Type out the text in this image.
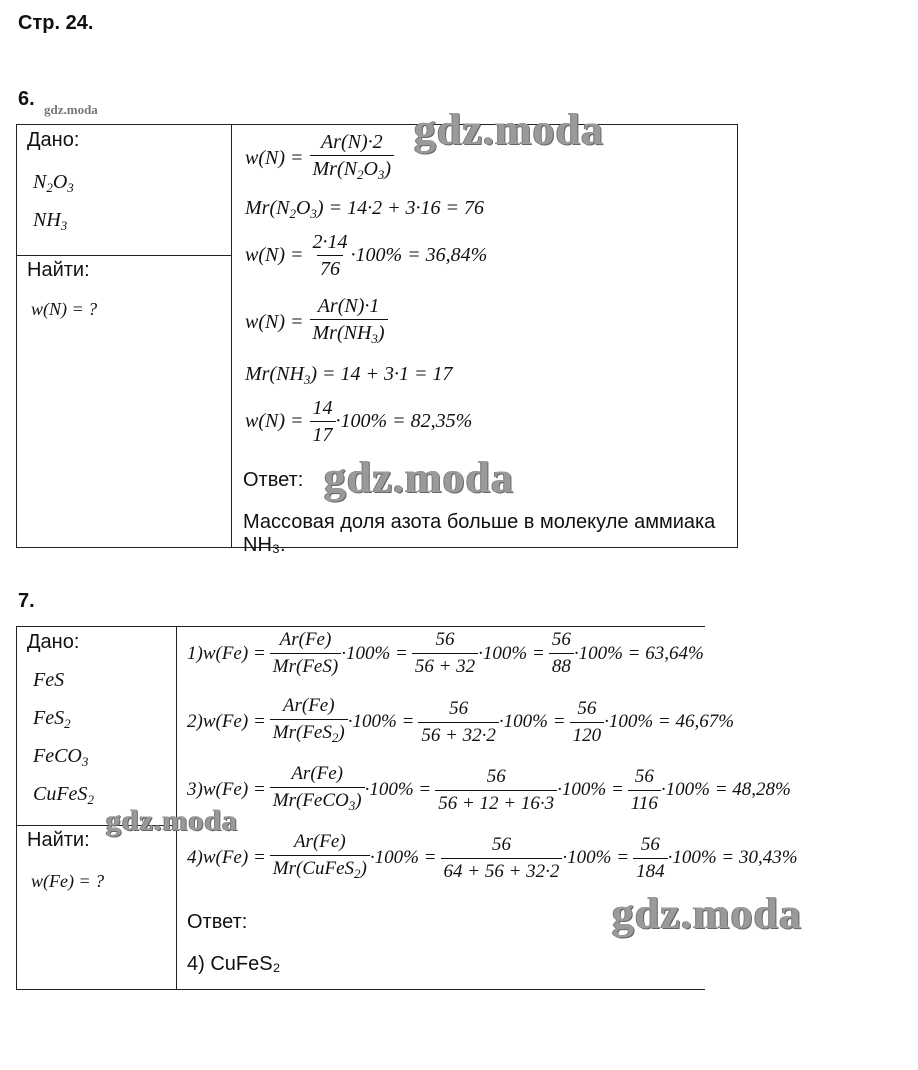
Стр. 24.
6. gdz.moda
Дано:
$N_2O_3$
$NH_3$
Найти:
w(N) = ?
$w(N) = \frac{Ar(N)\cdot 2}{Mr(N_2O_3)}$
$Mr(N_2O_3) = 14\cdot 2 + 3\cdot 16 = 76$
$w(N) = \frac{2\cdot 14}{76} \cdot 100\% = 36,84\%$
$w(N) = \frac{Ar(N)\cdot 1}{Mr(NH_3)}$
$Mr(NH_3) = 14 + 3\cdot 1 = 17$
$w(N) = \frac{14}{17} \cdot 100\% = 82,35\%$
Ответ:
Массовая доля азота больше в молекуле аммиака NH₃.
gdz.moda
gdz.moda
7.
Дано:
FeS
FeS$_2$
FeCO$_3$
CuFeS$_2$
Найти:
w(Fe) = ?
$1)w(Fe) = \frac{Ar(Fe)}{\text{Mr(FeS)}} \cdot 100\% = \frac{56}{56 + 32} \cdot 100\% = \frac{56}{88} \cdot 100\% = 63,64\%$
$2)w(Fe) = \frac{Ar(Fe)}{Mr(FeS_2)} \cdot 100\% = \frac{56}{56 + 32\cdot 2} \cdot 100\% = \frac{56}{120} \cdot 100\% = 46,67\%$
$3)w(Fe) = \frac{Ar(Fe)}{Mr(FeCO_3)} \cdot 100\% = \frac{56}{56 + 12 + 16\cdot 3} \cdot 100\% = \frac{56}{116} \cdot 100\% = 48,28\%$
$4)w(Fe) = \frac{Ar(Fe)}{Mr(CuFeS_2)} \cdot 100\% = \frac{56}{64 + 56 + 32\cdot 2} \cdot 100\% = \frac{56}{184} \cdot 100\% = 30,43\%$
Ответ:
4) CuFeS₂
gdz.moda
gdz.moda
